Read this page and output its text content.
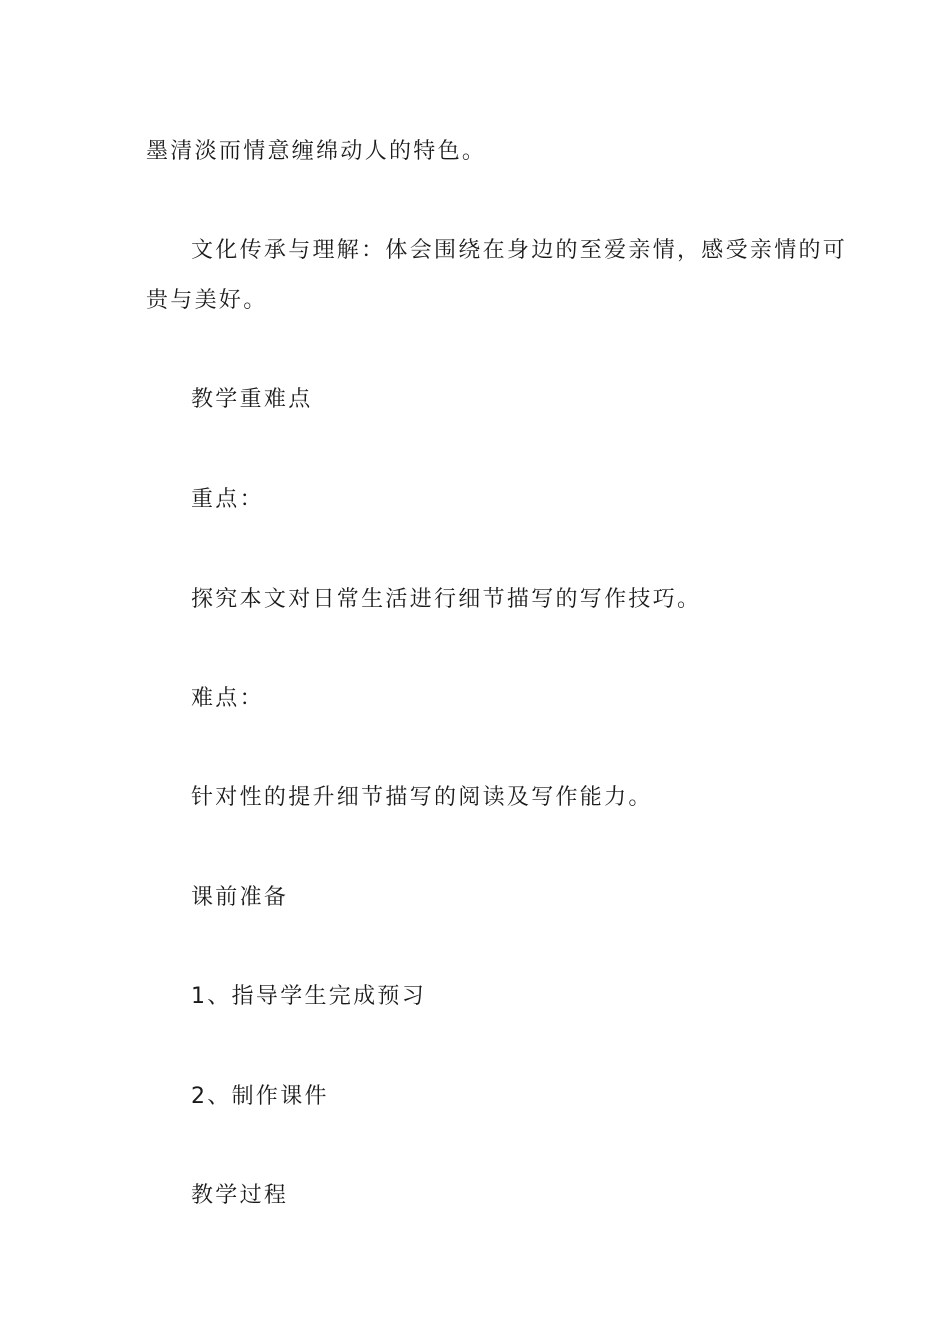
墨清淡而情意缠绵动人的特色。
文化传承与理解：体会围绕在身边的至爱亲情，感受亲情的可
贵与美好。
教学重难点
重点：
探究本文对日常生活进行细节描写的写作技巧。
难点：
针对性的提升细节描写的阅读及写作能力。
课前准备
1、指导学生完成预习
2、制作课件
教学过程
